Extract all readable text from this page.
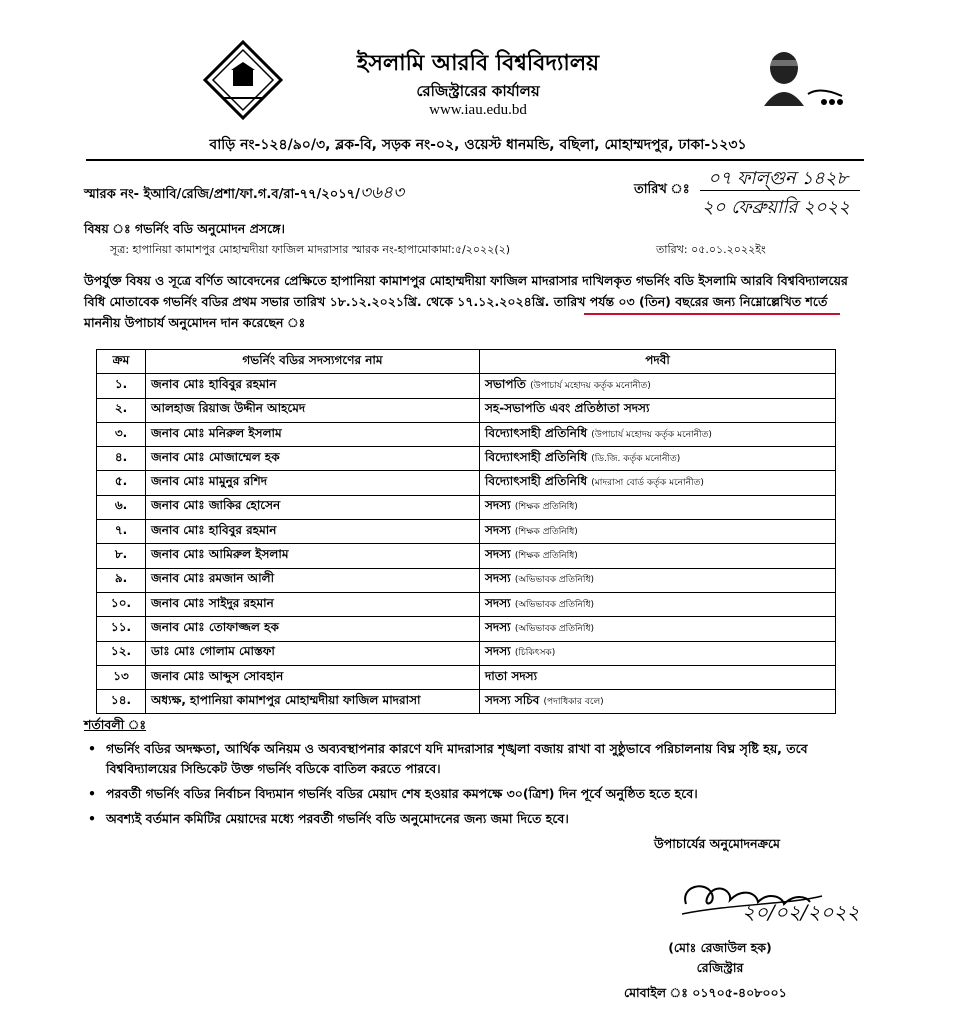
ইসলামি আরবি বিশ্ববিদ্যালয়
রেজিস্ট্রারের কার্যালয়
www.iau.edu.bd
বাড়ি নং-১২৪/৯০/৩, ব্লক-বি, সড়ক নং-০২, ওয়েস্ট ধানমন্ডি, বছিলা, মোহাম্মদপুর, ঢাকা-১২৩১
স্মারক নং- ইআবি/রেজি/প্রশা/ফা.গ.ব/রা-৭৭/২০১৭/৩৬৪৩	তারিখ ঃ
০৭ ফাল্গুন ১৪২৮
২০ ফেব্রুয়ারি ২০২২
বিষয় ঃ গভর্নিং বডি অনুমোদন প্রসঙ্গে।
সূত্র: হাপানিয়া কামাশপুর মোহাম্মদীয়া ফাজিল মাদরাসার স্মারক নং-হাপামোকামা:৫/২০২২(২)	তারিখ: ০৫.০১.২০২২ইং
উপর্যুক্ত বিষয় ও সূত্রে বর্ণিত আবেদনের প্রেক্ষিতে হাপানিয়া কামাশপুর মোহাম্মদীয়া ফাজিল মাদরাসার দাখিলকৃত গভর্নিং বডি ইসলামি আরবি বিশ্ববিদ্যালয়ের বিধি মোতাবেক গভর্নিং বডির প্রথম সভার তারিখ ১৮.১২.২০২১খ্রি. থেকে ১৭.১২.২০২৪খ্রি. তারিখ পর্যন্ত ০৩ (তিন) বছরের জন্য নিম্নোল্লেখিত শর্তে মাননীয় উপাচার্য অনুমোদন দান করেছেন ঃ
ক্রম	গভর্নিং বডির সদস্যগণের নাম	পদবী
১.	জনাব মোঃ হাবিবুর রহমান	সভাপতি (উপাচার্য মহোদয় কর্তৃক মনোনীত)
২.	আলহাজ রিয়াজ উদ্দীন আহমেদ	সহ-সভাপতি এবং প্রতিষ্ঠাতা সদস্য
৩.	জনাব মোঃ মনিরুল ইসলাম	বিদ্যোৎসাহী প্রতিনিধি (উপাচার্য মহোদয় কর্তৃক মনোনীত)
৪.	জনাব মোঃ মোজাম্মেল হক	বিদ্যোৎসাহী প্রতিনিধি (ডি.জি. কর্তৃক মনোনীত)
৫.	জনাব মোঃ মামুনুর রশিদ	বিদ্যোৎসাহী প্রতিনিধি (মাদরাসা বোর্ড কর্তৃক মনোনীত)
৬.	জনাব মোঃ জাকির হোসেন	সদস্য (শিক্ষক প্রতিনিধি)
৭.	জনাব মোঃ হাবিবুর রহমান	সদস্য (শিক্ষক প্রতিনিধি)
৮.	জনাব মোঃ আমিরুল ইসলাম	সদস্য (শিক্ষক প্রতিনিধি)
৯.	জনাব মোঃ রমজান আলী	সদস্য (অভিভাবক প্রতিনিধি)
১০.	জনাব মোঃ সাইদুর রহমান	সদস্য (অভিভাবক প্রতিনিধি)
১১.	জনাব মোঃ তোফাজ্জল হক	সদস্য (অভিভাবক প্রতিনিধি)
১২.	ডাঃ মোঃ গোলাম মোস্তফা	সদস্য (চিকিৎসক)
১৩	জনাব মোঃ আব্দুস সোবহান	দাতা সদস্য
১৪.	অধ্যক্ষ, হাপানিয়া কামাশপুর মোহাম্মদীয়া ফাজিল মাদরাসা	সদস্য সচিব (পদাধিকার বলে)
শর্তাবলী ঃ
• গভর্নিং বডির অদক্ষতা, আর্থিক অনিয়ম ও অব্যবস্থাপনার কারণে যদি মাদরাসার শৃঙ্খলা বজায় রাখা বা সুষ্ঠুভাবে পরিচালনায় বিঘ্ন সৃষ্টি হয়, তবে বিশ্ববিদ্যালয়ের সিন্ডিকেট উক্ত গভর্নিং বডিকে বাতিল করতে পারবে।
• পরবর্তী গভর্নিং বডির নির্বাচন বিদ্যমান গভর্নিং বডির মেয়াদ শেষ হওয়ার কমপক্ষে ৩০(ত্রিশ) দিন পূর্বে অনুষ্ঠিত হতে হবে।
• অবশ্যই বর্তমান কমিটির মেয়াদের মধ্যে পরবর্তী গভর্নিং বডি অনুমোদনের জন্য জমা দিতে হবে।
উপাচার্যের অনুমোদনক্রমে
২০/০২/২০২২
(মোঃ রেজাউল হক)
রেজিস্ট্রার
মোবাইল ঃ ০১৭০৫-৪০৮০০১
